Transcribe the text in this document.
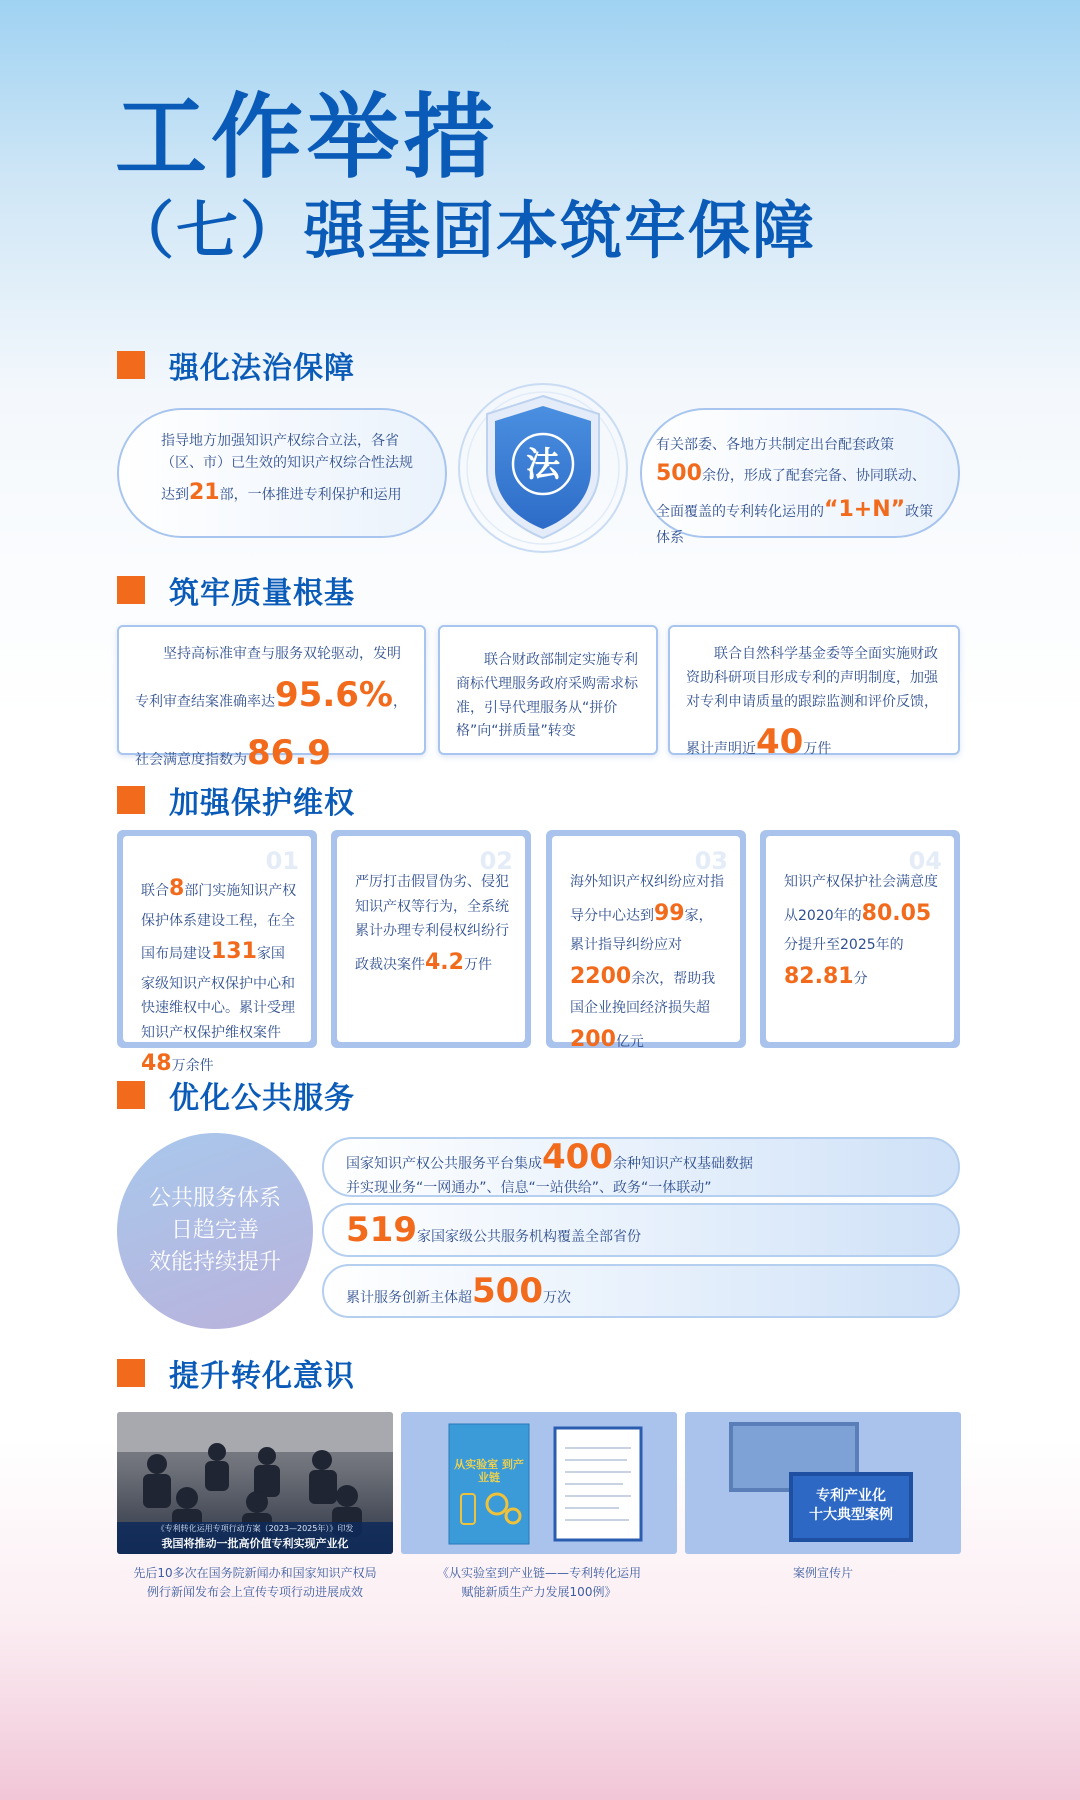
工作举措
（七）强基固本筑牢保障
强化法治保障
指导地方加强知识产权综合立法，各省（区、市）已生效的知识产权综合性法规达到21部，一体推进专利保护和运用
法	有关部委、各地方共制定出台配套政策500余份，形成了配套完备、协同联动、全面覆盖的专利转化运用的“1+N”政策体系
筑牢质量根基
坚持高标准审查与服务双轮驱动，发明专利审查结案准确率达95.6%，社会满意度指数为86.9
联合财政部制定实施专利商标代理服务政府采购需求标准，引导代理服务从“拼价格”向“拼质量”转变
联合自然科学基金委等全面实施财政资助科研项目形成专利的声明制度，加强对专利申请质量的跟踪监测和评价反馈，累计声明近40万件
加强保护维权
01
联合8部门实施知识产权保护体系建设工程，在全国布局建设131家国家级知识产权保护中心和快速维权中心。累计受理知识产权保护维权案件48万余件
02
严厉打击假冒伪劣、侵犯知识产权等行为，全系统累计办理专利侵权纠纷行政裁决案件4.2万件
03
海外知识产权纠纷应对指导分中心达到99家，累计指导纠纷应对2200余次，帮助我国企业挽回经济损失超200亿元
04
知识产权保护社会满意度从2020年的80.05分提升至2025年的82.81分
优化公共服务
公共服务体系
日趋完善
效能持续提升
国家知识产权公共服务平台集成400余种知识产权基础数据
并实现业务“一网通办”、信息“一站供给”、政务“一体联动”
519家国家级公共服务机构覆盖全部省份
累计服务创新主体超500万次
提升转化意识
《专利转化运用专项行动方案（2023—2025年）》印发
我国将推动一批高价值专利实现产业化
从实验室 到产业链
专利产业化
十大典型案例
先后10多次在国务院新闻办和国家知识产权局
例行新闻发布会上宣传专项行动进展成效
《从实验室到产业链——专利转化运用
赋能新质生产力发展100例》
案例宣传片
